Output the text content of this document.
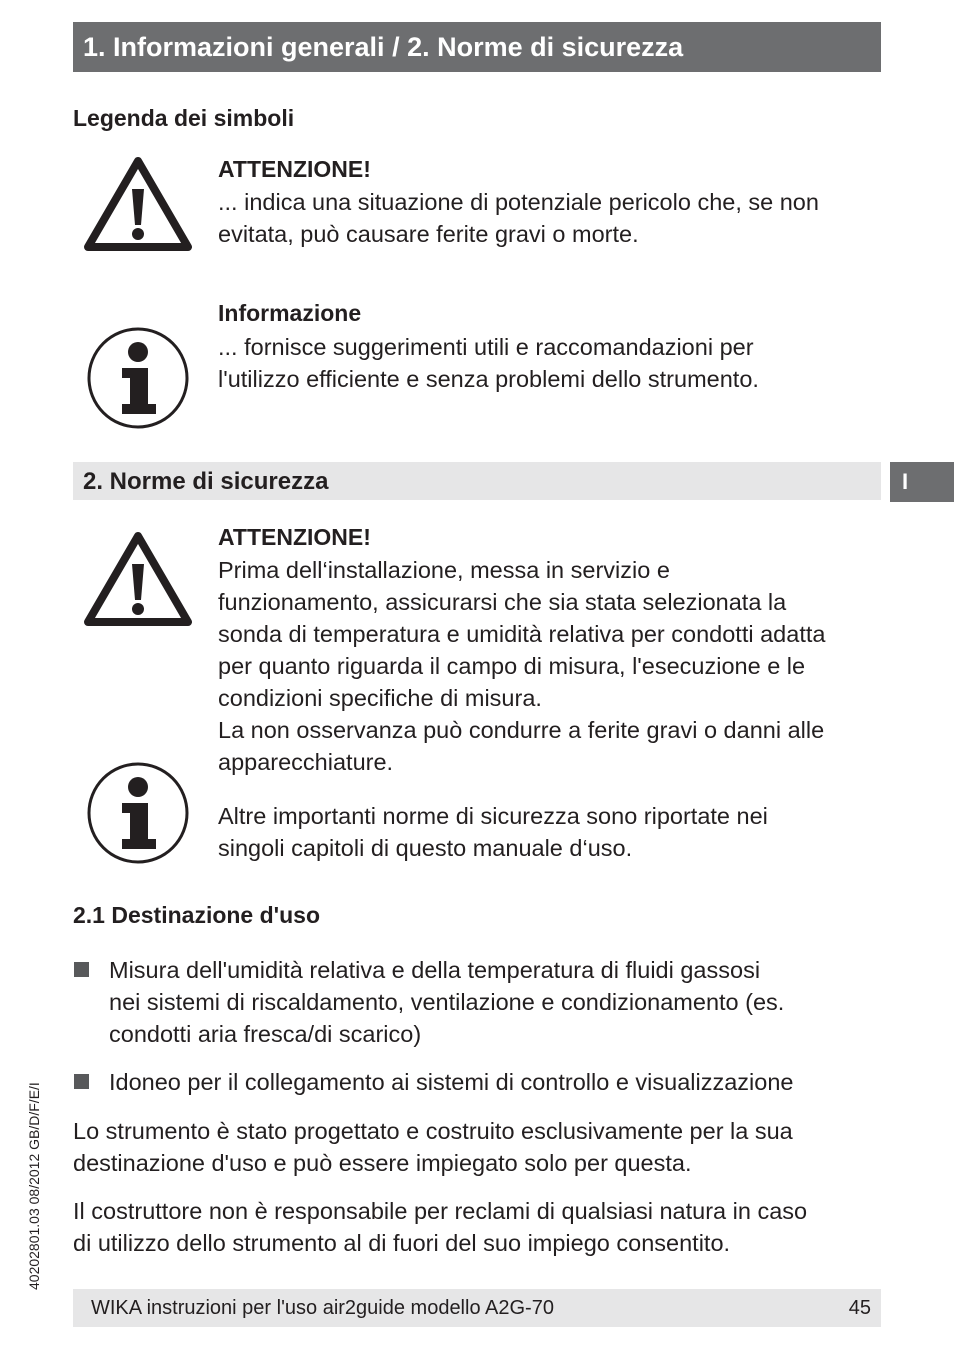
1. Informazioni generali / 2. Norme di sicurezza
Legenda dei simboli
ATTENZIONE!
... indica una situazione di potenziale pericolo che, se non
evitata, può causare ferite gravi o morte.
Informazione
... fornisce suggerimenti utili e raccomandazioni per
l'utilizzo efficiente e senza problemi dello strumento.
2. Norme di sicurezza	I
ATTENZIONE!
Prima dell‘installazione, messa in servizio e
funzionamento, assicurarsi che sia stata selezionata la
sonda di temperatura e umidità relativa per condotti adatta
per quanto riguarda il campo di misura, l'esecuzione e le
condizioni specifiche di misura.
La non osservanza può condurre a ferite gravi o danni alle
apparecchiature.
Altre importanti norme di sicurezza sono riportate nei
singoli capitoli di questo manuale d‘uso.
2.1 Destinazione d'uso
Misura dell'umidità relativa e della temperatura di fluidi gassosi
nei sistemi di riscaldamento, ventilazione e condizionamento (es.
condotti aria fresca/di scarico)
Idoneo per il collegamento ai sistemi di controllo e visualizzazione
Lo strumento è stato progettato e costruito esclusivamente per la sua
destinazione d'uso e può essere impiegato solo per questa.
Il costruttore non è responsabile per reclami di qualsiasi natura in caso
di utilizzo dello strumento al di fuori del suo impiego consentito.
40202801.03 08/2012 GB/D/F/E/I
WIKA instruzioni per l'uso air2guide modello A2G-70	45
